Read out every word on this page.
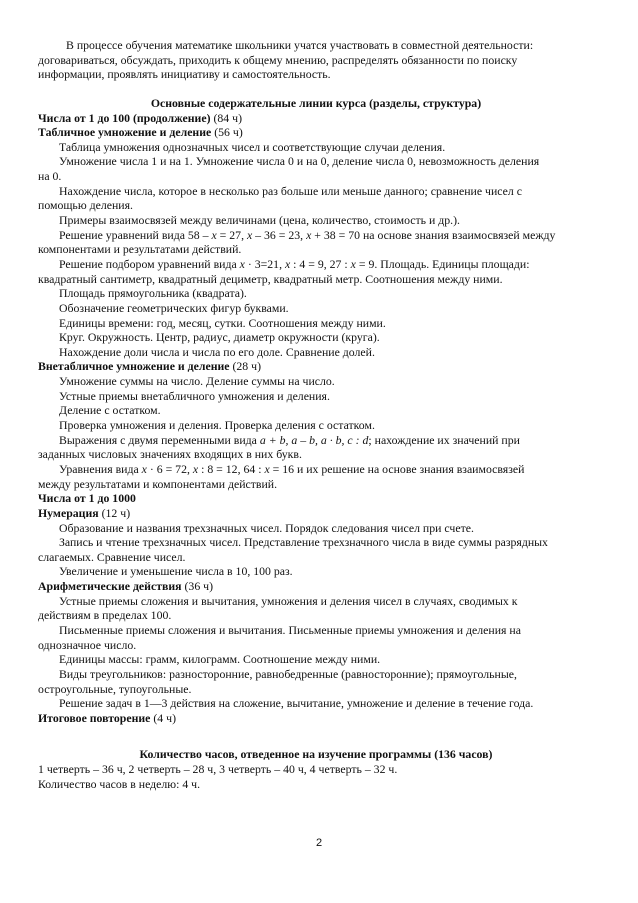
В процессе обучения математике школьники учатся участвовать в совместной деятельности:
договариваться, обсуждать, приходить к общему мнению, распределять обязанности по поиску
информации, проявлять инициативу и самостоятельность.
Основные содержательные линии курса (разделы, структура)
Числа от 1 до 100 (продолжение) (84 ч)
Табличное умножение и деление (56 ч)
Таблица умножения однозначных чисел и соответствующие случаи деления.
Умножение числа 1 и на 1. Умножение числа 0 и на 0, деление числа 0, невозможность деления
на 0.
Нахождение числа, которое в несколько раз больше или меньше данного; сравнение чисел с
помощью деления.
Примеры взаимосвязей между величинами (цена, количество, стоимость и др.).
Решение уравнений вида 58 – x = 27, x – 36 = 23, x + 38 = 70 на основе знания взаимосвязей между
компонентами и результатами действий.
Решение подбором уравнений вида x · 3=21, x : 4 = 9, 27 : x = 9. Площадь. Единицы площади:
квадратный сантиметр, квадратный дециметр, квадратный метр. Соотношения между ними.
Площадь прямоугольника (квадрата).
Обозначение геометрических фигур буквами.
Единицы времени: год, месяц, сутки. Соотношения между ними.
Круг. Окружность. Центр, радиус, диаметр окружности (круга).
Нахождение доли числа и числа по его доле. Сравнение долей.
Внетабличное умножение и деление (28 ч)
Умножение суммы на число. Деление суммы на число.
Устные приемы внетабличного умножения и деления.
Деление с остатком.
Проверка умножения и деления. Проверка деления с остатком.
Выражения с двумя переменными вида a + b, a – b, a · b, c : d; нахождение их значений при
заданных числовых значениях входящих в них букв.
Уравнения вида x · 6 = 72, x : 8 = 12, 64 : x = 16 и их решение на основе знания взаимосвязей
между результатами и компонентами действий.
Числа от 1 до 1000
Нумерация (12 ч)
Образование и названия трехзначных чисел. Порядок следования чисел при счете.
Запись и чтение трехзначных чисел. Представление трехзначного числа в виде суммы разрядных
слагаемых. Сравнение чисел.
Увеличение и уменьшение числа в 10, 100 раз.
Арифметические действия (36 ч)
Устные приемы сложения и вычитания, умножения и деления чисел в случаях, сводимых к
действиям в пределах 100.
Письменные приемы сложения и вычитания. Письменные приемы умножения и деления на
однозначное число.
Единицы массы: грамм, килограмм. Соотношение между ними.
Виды треугольников: разносторонние, равнобедренные (равносторонние); прямоугольные,
остроугольные, тупоугольные.
Решение задач в 1—3 действия на сложение, вычитание, умножение и деление в течение года.
Итоговое повторение (4 ч)
Количество часов, отведенное на изучение программы (136 часов)
1 четверть – 36 ч, 2 четверть – 28 ч, 3 четверть – 40 ч, 4 четверть – 32 ч.
Количество часов в неделю: 4 ч.
2
